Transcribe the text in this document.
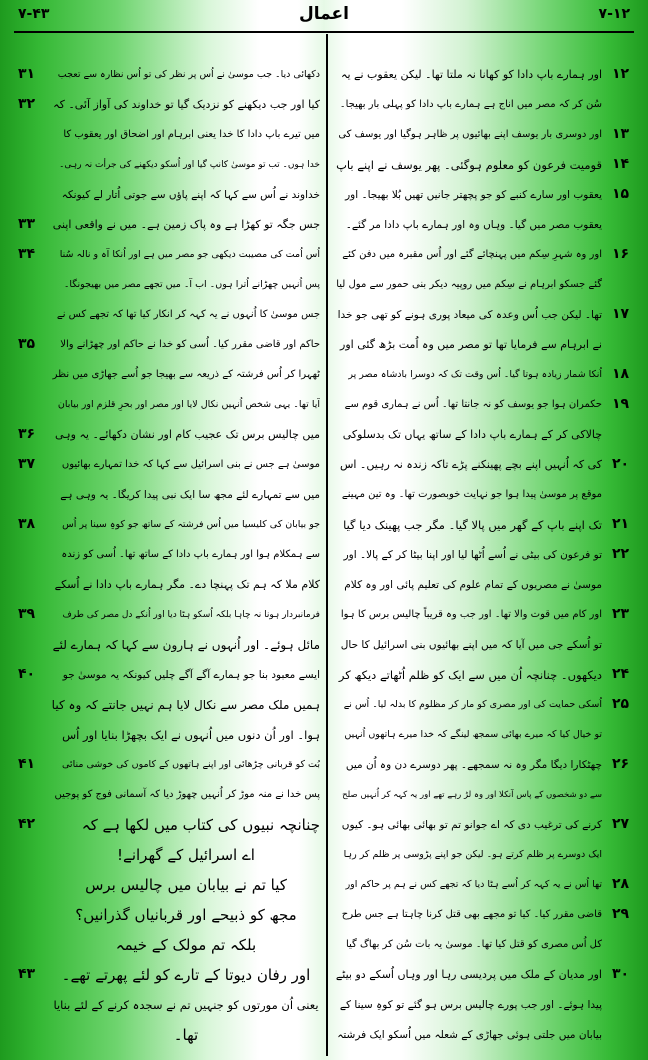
۷-۴۳	اعمال	۷-۱۲
اور ہمارے باپ دادا کو کھانا نہ ملتا تھا۔ لیکن یعقوب نے یہ
سُن کر کہ مصر میں اناج ہے ہمارے باپ دادا کو پہلی بار بھیجا۔
اور دوسری بار یوسف اپنے بھائیوں پر ظاہر ہوگیا اور یوسف کی
قومیت فرعون کو معلوم ہوگئی۔ پھر یوسف نے اپنے باپ
یعقوب اور سارے کنبے کو جو پچھتر جانیں تھیں بُلا بھیجا۔ اور
یعقوب مصر میں گیا۔ وہاں وہ اور ہمارے باپ دادا مر گئے۔
اور وہ شہرِ سِکم میں پہنچائے گئے اور اُس مقبرہ میں دفن کئے
گئے جسکو ابرہام نے سِکم میں روپیہ دیکر بنی حمور سے مول لیا
تھا۔ لیکن جب اُس وعدہ کی میعاد پوری ہونے کو تھی جو خدا
نے ابرہام سے فرمایا تھا تو مصر میں وہ اُمت بڑھ گئی اور
اُنکا شمار زیادہ ہوتا گیا۔ اُس وقت تک کہ دوسرا بادشاہ مصر پر
حکمران ہوا جو یوسف کو نہ جانتا تھا۔ اُس نے ہماری قوم سے
چالاکی کر کے ہمارے باپ دادا کے ساتھ یہاں تک بدسلوکی
کی کہ اُنہیں اپنے بچے پھینکنے پڑے تاکہ زندہ نہ رہیں۔ اس
موقع پر موسیٰ پیدا ہوا جو نہایت خوبصورت تھا۔ وہ تین مہینے
تک اپنے باپ کے گھر میں پالا گیا۔ مگر جب پھینک دیا گیا
تو فرعون کی بیٹی نے اُسے اُٹھا لیا اور اپنا بیٹا کر کے پالا۔ اور
موسیٰ نے مصریوں کے تمام علوم کی تعلیم پائی اور وہ کلام
اور کام میں قوت والا تھا۔ اور جب وہ قریباً چالیس برس کا ہوا
تو اُسکے جی میں آیا کہ میں اپنے بھائیوں بنی اسرائیل کا حال
دیکھوں۔ چنانچہ اُن میں سے ایک کو ظلم اُٹھاتے دیکھ کر
اُسکی حمایت کی اور مصری کو مار کر مظلوم کا بدلہ لیا۔ اُس نے
تو خیال کیا کہ میرے بھائی سمجھ لینگے کہ خدا میرے ہاتھوں اُنہیں
چھٹکارا دیگا مگر وہ نہ سمجھے۔ پھر دوسرے دن وہ اُن میں
سے دو شخصوں کے پاس آنکلا اور وہ لڑ رہے تھے اور یہ کہہ کر اُنہیں صلح
کرنے کی ترغیب دی کہ اے جوانو تم تو بھائی بھائی ہو۔ کیوں
ایک دوسرے پر ظلم کرتے ہو۔ لیکن جو اپنے پڑوسی پر ظلم کر رہا
تھا اُس نے یہ کہہ کر اُسے ہٹا دیا کہ تجھے کس نے ہم پر حاکم اور
قاضی مقرر کیا۔ کیا تو مجھے بھی قتل کرنا چاہتا ہے جس طرح
کل اُس مصری کو قتل کیا تھا۔ موسیٰ یہ بات سُن کر بھاگ گیا
اور مدیان کے ملک میں پردیسی رہا اور وہاں اُسکے دو بیٹے
پیدا ہوئے۔ اور جب پورے چالیس برس ہو گئے تو کوہِ سینا کے
بیابان میں جلتی ہوئی جھاڑی کے شعلہ میں اُسکو ایک فرشتہ
دکھائی دیا۔ جب موسیٰ نے اُس پر نظر کی تو اُس نظارہ سے تعجب
کیا اور جب دیکھنے کو نزدیک گیا تو خداوند کی آواز آئی۔ کہ
میں تیرے باپ دادا کا خدا یعنی ابرہام اور اضحاق اور یعقوب کا
خدا ہوں۔ تب تو موسیٰ کانپ گیا اور اُسکو دیکھنے کی جرأت نہ رہی۔
خداوند نے اُس سے کہا کہ اپنے پاؤں سے جوتی اُتار لے کیونکہ
جس جگہ تو کھڑا ہے وہ پاک زمین ہے۔ میں نے واقعی اپنی
اُس اُمت کی مصیبت دیکھی جو مصر میں ہے اور اُنکا آہ و نالہ سُنا
پس اُنہیں چھڑانے اُترا ہوں۔ اب آ۔ میں تجھے مصر میں بھیجونگا۔
جس موسیٰ کا اُنہوں نے یہ کہہ کر انکار کیا تھا کہ تجھے کس نے
حاکم اور قاضی مقرر کیا۔ اُسی کو خدا نے حاکم اور چھڑانے والا
ٹھہرا کر اُس فرشتہ کے ذریعہ سے بھیجا جو اُسے جھاڑی میں نظر
آیا تھا۔ یہی شخص اُنہیں نکال لایا اور مصر اور بحرِ قلزم اور بیابان
میں چالیس برس تک عجیب کام اور نشان دکھائے۔ یہ وہی
موسیٰ ہے جس نے بنی اسرائیل سے کہا کہ خدا تمہارے بھائیوں
میں سے تمہارے لئے مجھ سا ایک نبی پیدا کریگا۔ یہ وہی ہے
جو بیابان کی کلیسیا میں اُس فرشتہ کے ساتھ جو کوہِ سینا پر اُس
سے ہمکلام ہوا اور ہمارے باپ دادا کے ساتھ تھا۔ اُسی کو زندہ
کلام ملا کہ ہم تک پہنچا دے۔ مگر ہمارے باپ دادا نے اُسکے
فرمانبردار ہونا نہ چاہا بلکہ اُسکو ہٹا دیا اور اُنکے دل مصر کی طرف
مائل ہوئے۔ اور اُنہوں نے ہارون سے کہا کہ ہمارے لئے
ایسے معبود بنا جو ہمارے آگے آگے چلیں کیونکہ یہ موسیٰ جو
ہمیں ملک مصر سے نکال لایا ہم نہیں جانتے کہ وہ کیا
ہوا۔ اور اُن دنوں میں اُنہوں نے ایک بچھڑا بنایا اور اُس
بُت کو قربانی چڑھائی اور اپنے ہاتھوں کے کاموں کی خوشی منائی
پس خدا نے منہ موڑ کر اُنہیں چھوڑ دیا کہ آسمانی فوج کو پوجیں
چنانچہ نبیوں کی کتاب میں لکھا ہے کہ
اے اسرائیل کے گھرانے!
کیا تم نے بیابان میں چالیس برس
مجھ کو ذبیحے اور قربانیاں گذرانیں؟
بلکہ تم مولک کے خیمہ
اور رفان دیوتا کے تارے کو لئے پھرتے تھے۔
یعنی اُن مورتوں کو جنہیں تم نے سجدہ کرنے کے لئے بنایا
تھا۔
۱۲
۱۳
۱۴
۱۵
۱۶
۱۷
۱۸
۱۹
۲۰
۲۱
۲۲
۲۳
۲۴
۲۵
۲۶
۲۷
۲۸
۲۹
۳۰
۳۱
۳۲
۳۳
۳۴
۳۵
۳۶
۳۷
۳۸
۳۹
۴۰
۴۱
۴۲
۴۳
